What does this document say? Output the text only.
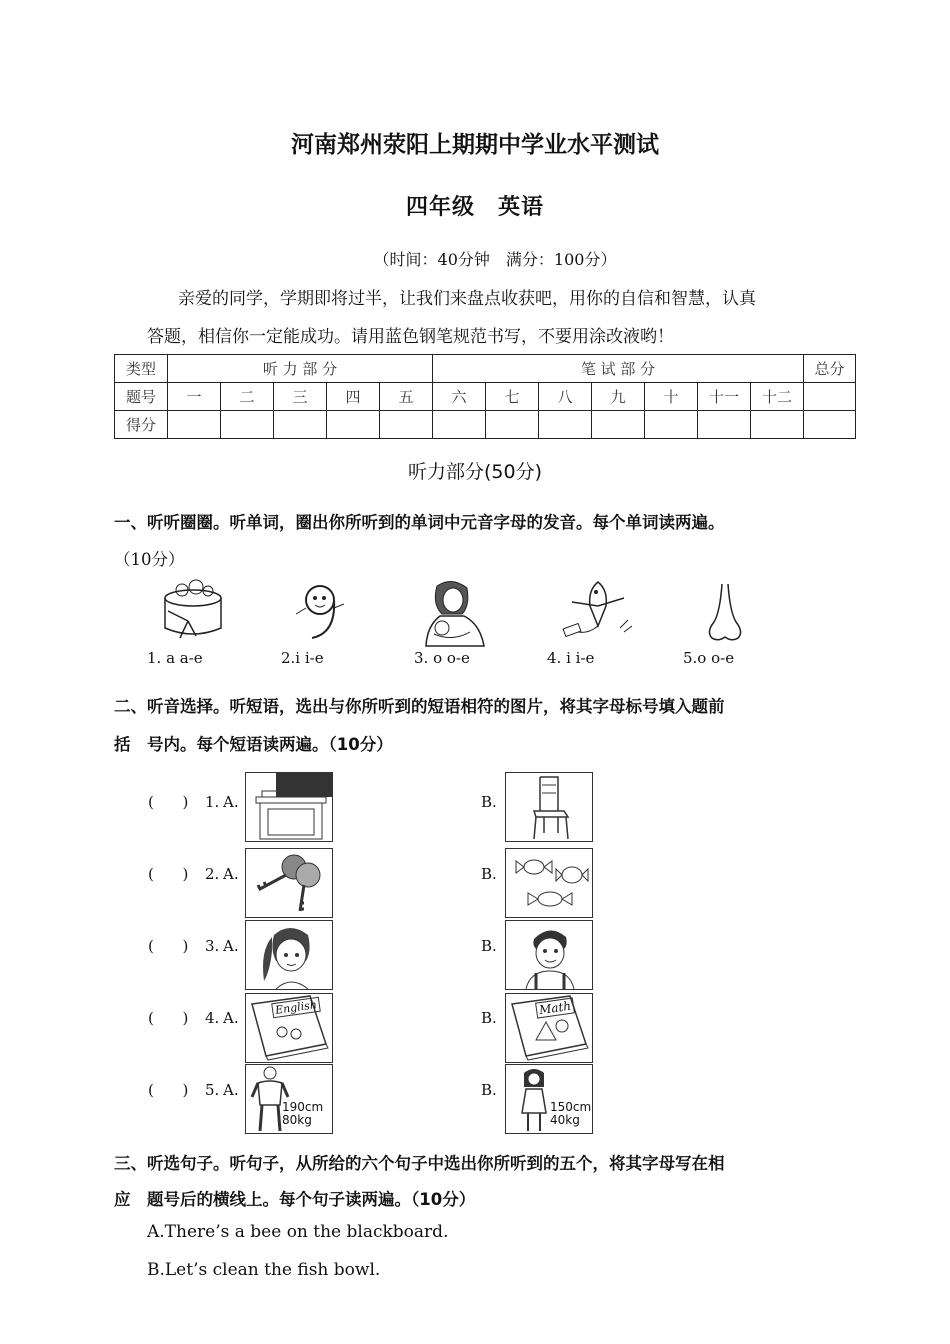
河南郑州荥阳上期期中学业水平测试
四年级　英语
（时间：40分钟　满分：100分）
亲爱的同学，学期即将过半，让我们来盘点收获吧，用你的自信和智慧，认真
答题，相信你一定能成功。请用蓝色钢笔规范书写，不要用涂改液哟！
类型	听 力 部 分					笔 试 部 分							总分
题号	一	二	三	四	五	六	七	八	九	十	十一	十二	
得分													
听力部分(50分)
一、听听圈圈。听单词，圈出你所听到的单词中元音字母的发音。每个单词读两遍。
（10分）
1. a a-e	2.i i-e	3. o o-e	4. i i-e	5.o o-e
二、听音选择。听短语，选出与你所听到的短语相符的图片，将其字母标号填入题前
括　号内。每个短语读两遍。（10分）
(      ) 1. A.	B.
(      ) 2. A.	B.
(      ) 3. A.	B.
(      ) 4. A.
English
B.
Math
(      ) 5. A.
190cm
80kg
B.
150cm
40kg
三、听选句子。听句子，从所给的六个句子中选出你所听到的五个，将其字母写在相
应　题号后的横线上。每个句子读两遍。（10分）
A.There’s a bee on the blackboard.
B.Let’s clean the fish bowl.
